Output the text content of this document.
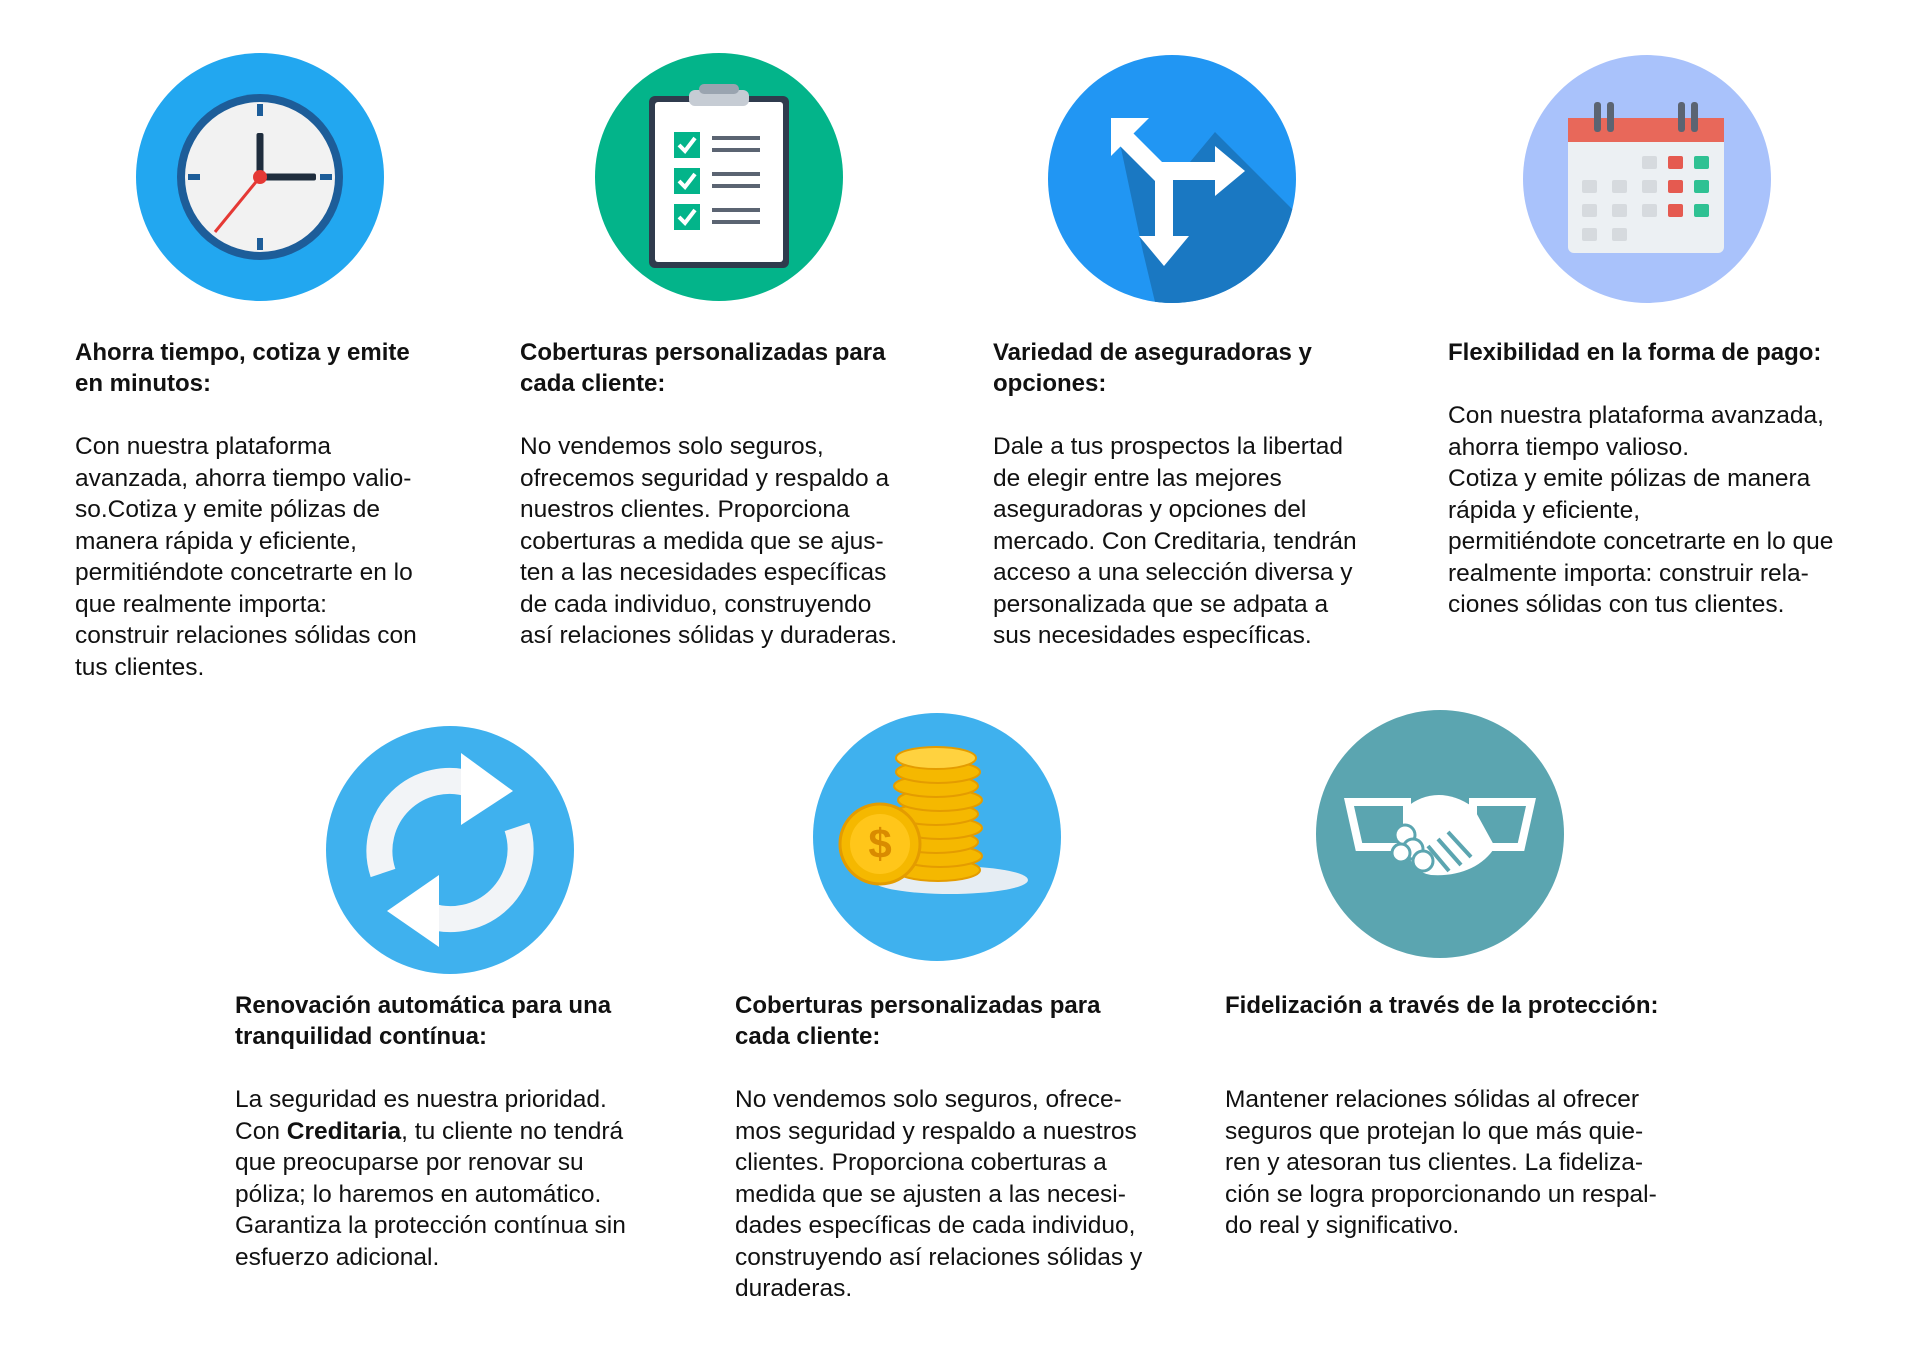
Ahorra tiempo, cotiza y emite
en minutos:

Con nuestra plataforma
avanzada, ahorra tiempo valio-
so.Cotiza y emite pólizas de
manera rápida y eficiente,
permitiéndote concetrarte en lo
que realmente importa:
construir relaciones sólidas con
tus clientes.

Coberturas personalizadas para
cada cliente:

No vendemos solo seguros,
ofrecemos seguridad y respaldo a
nuestros clientes. Proporciona
coberturas a medida que se ajus-
ten a las necesidades específicas
de cada individuo, construyendo
así relaciones sólidas y duraderas.

Variedad de aseguradoras y
opciones:

Dale a tus prospectos la libertad
de elegir entre las mejores
aseguradoras y opciones del
mercado. Con Creditaria, tendrán
acceso a una selección diversa y
personalizada que se adpata a
sus necesidades específicas.

Flexibilidad en la forma de pago:

Con nuestra plataforma avanzada,
ahorra tiempo valioso.
Cotiza y emite pólizas de manera
rápida y eficiente,
permitiéndote concetrarte en lo que
realmente importa: construir rela-
ciones sólidas con tus clientes.

Renovación automática para una
tranquilidad contínua:

La seguridad es nuestra prioridad.
Con Creditaria, tu cliente no tendrá
que preocuparse por renovar su
póliza; lo haremos en automático.
Garantiza la protección contínua sin
esfuerzo adicional.

$
Coberturas personalizadas para
cada cliente:

No vendemos solo seguros, ofrece-
mos seguridad y respaldo a nuestros
clientes. Proporciona coberturas a
medida que se ajusten a las necesi-
dades específicas de cada individuo,
construyendo así relaciones sólidas y
duraderas.

Fidelización a través de la protección:

Mantener relaciones sólidas al ofrecer
seguros que protejan lo que más quie-
ren y atesoran tus clientes. La fideliza-
ción se logra proporcionando un respal-
do real y significativo.
